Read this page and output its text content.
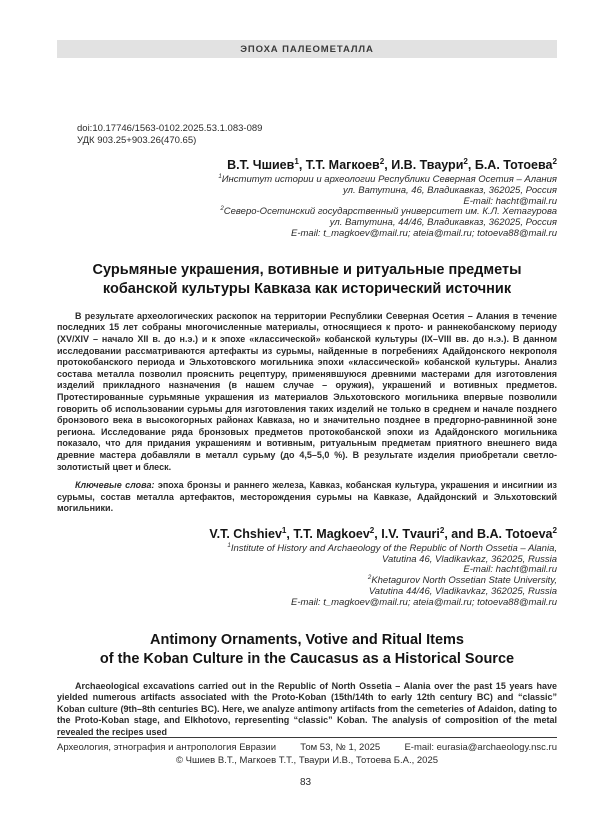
ЭПОХА ПАЛЕОМЕТАЛЛА
doi:10.17746/1563-0102.2025.53.1.083-089
УДК 903.25+903.26(470.65)
В.Т. Чшиев$^1$, Т.Т. Магкоев$^2$, И.В. Тваури$^2$, Б.А. Тотоева$^2$
$^1$Институт истории и археологии Республики Северная Осетия – Алания
ул. Ватутина, 46, Владикавказ, 362025, Россия
E-mail: hacht@mail.ru
$^2$Северо-Осетинский государственный университет им. К.Л. Хетагурова
ул. Ватутина, 44/46, Владикавказ, 362025, Россия
E-mail: t_magkoev@mail.ru; ateia@mail.ru; totoeva88@mail.ru
Сурьмяные украшения, вотивные и ритуальные предметы
кобанской культуры Кавказа как исторический источник

В результате археологических раскопок на территории Республики Северная Осетия – Алания в течение последних 15 лет собраны многочисленные материалы, относящиеся к прото- и раннекобанскому периоду (XV/XIV – начало XII в. до н.э.) и к эпохе «классической» кобанской культуры (IX–VIII вв. до н.э.). В данном исследовании рассматриваются артефакты из сурьмы, найденные в погребениях Адайдонского некрополя протокобанского периода и Эльхотовского могильника эпохи «классической» кобанской культуры. Анализ состава металла позволил прояснить рецептуру, применявшуюся древними мастерами для изготовления изделий прикладного назначения (в нашем случае – оружия), украшений и вотивных предметов. Протестированные сурьмяные украшения из материалов Эльхотовского могильника впервые позволили говорить об использовании сурьмы для изготовления таких изделий не только в среднем и начале позднего бронзового века в высокогорных районах Кавказа, но и значительно позднее в предгорно-равнинной зоне региона. Исследование ряда бронзовых предметов протокобанской эпохи из Адайдонского могильника показало, что для придания украшениям и вотивным, ритуальным предметам приятного внешнего вида древние мастера добавляли в металл сурьму (до 4,5–5,0 %). В результате изделия приобретали светло-золотистый цвет и блеск.

Ключевые слова: эпоха бронзы и раннего железа, Кавказ, кобанская культура, украшения и инсигнии из сурьмы, состав металла артефактов, месторождения сурьмы на Кавказе, Адайдонский и Эльхотовский могильники.

V.T. Chshiev$^1$, T.T. Magkoev$^2$, I.V. Tvauri$^2$, and B.A. Totoeva$^2$
$^1$Institute of History and Archaeology of the Republic of North Ossetia – Alania,
Vatutina 46, Vladikavkaz, 362025, Russia
E-mail: hacht@mail.ru
$^2$Khetagurov North Ossetian State University,
Vatutina 44/46, Vladikavkaz, 362025, Russia
E-mail: t_magkoev@mail.ru; ateia@mail.ru; totoeva88@mail.ru
Antimony Ornaments, Votive and Ritual Items
of the Koban Culture in the Caucasus as a Historical Source

Archaeological excavations carried out in the Republic of North Ossetia – Alania over the past 15 years have yielded numerous artifacts associated with the Proto-Koban (15th/14th to early 12th century BC) and “classic” Koban culture (9th–8th centuries BC). Here, we analyze antimony artifacts from the cemeteries of Adaidon, dating to the Proto-Koban stage, and Elkhotovo, representing “classic” Koban. The analysis of composition of the metal revealed the recipes used

Археология, этнография и антропология Евразии	Том 53, № 1, 2025	E-mail: eurasia@archaeology.nsc.ru
© Чшиев В.Т., Магкоев Т.Т., Тваури И.В., Тотоева Б.А., 2025
83
